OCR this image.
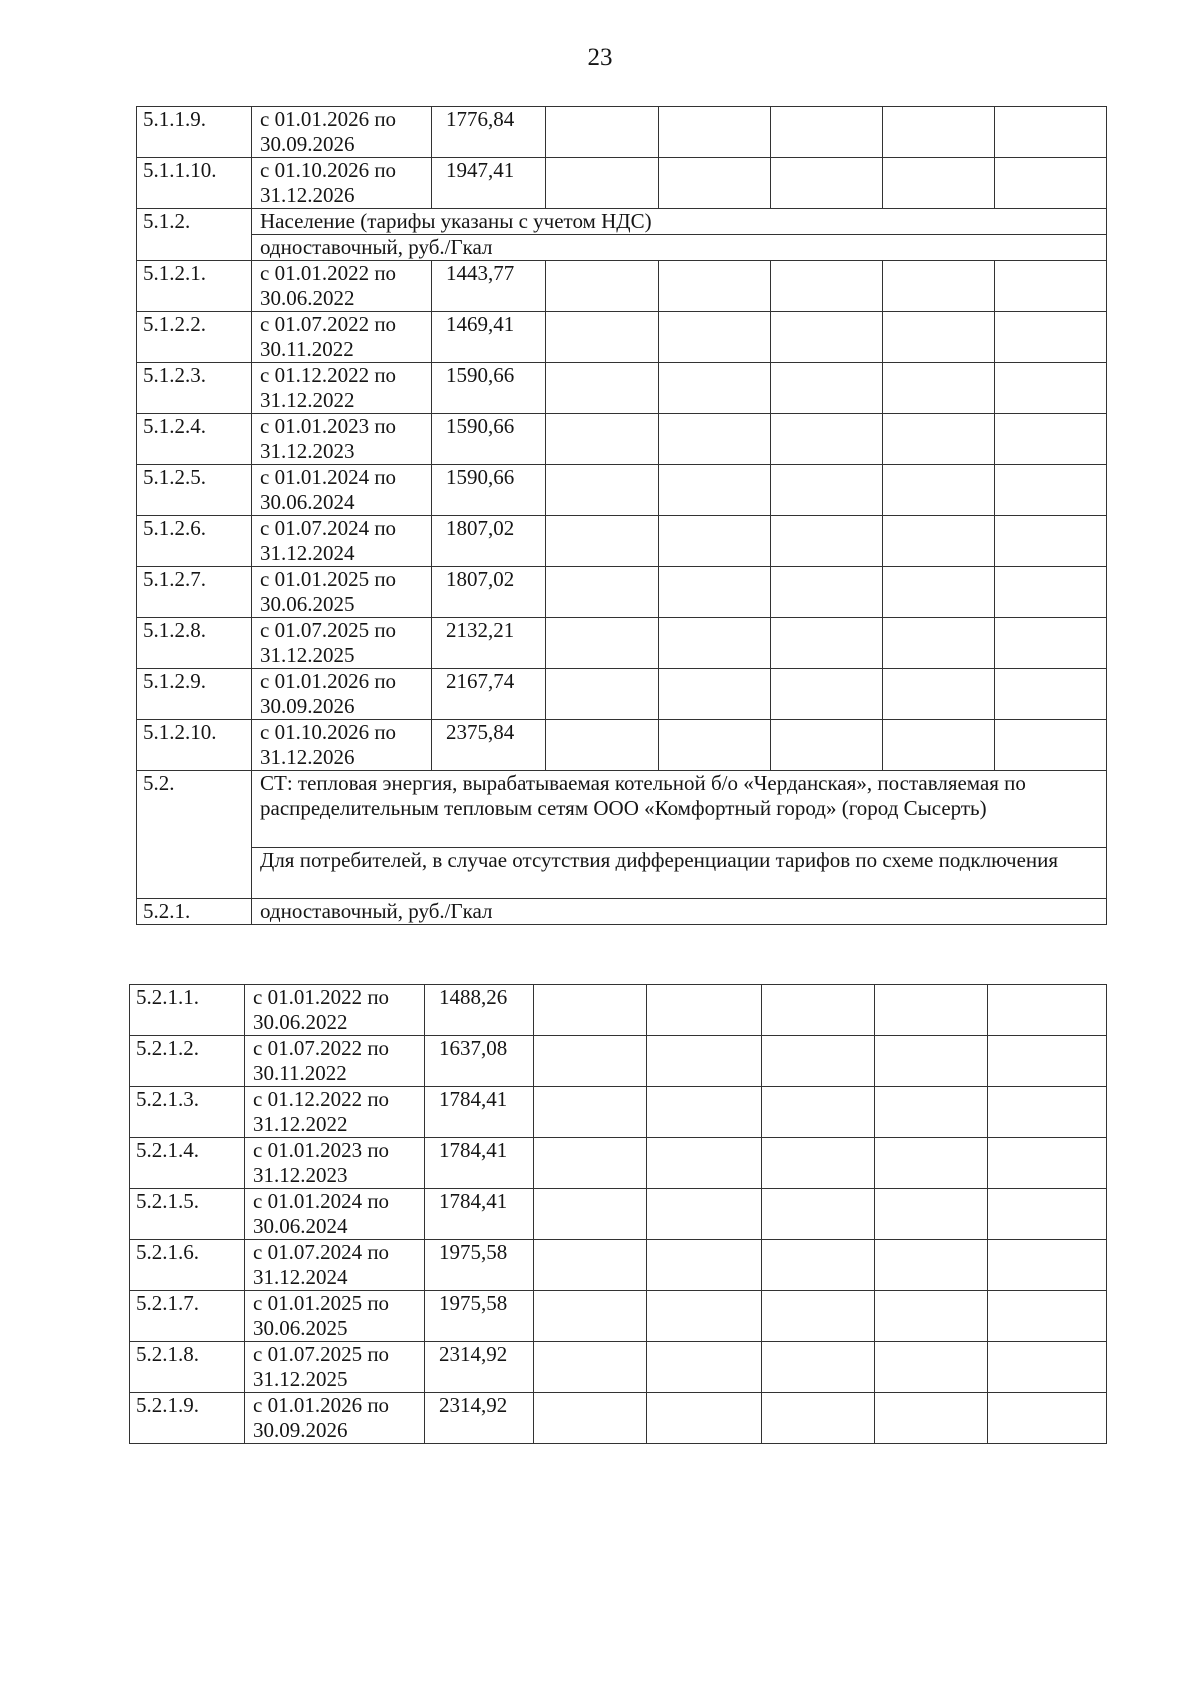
23
5.1.1.9.	с 01.01.2026 по 30.09.2026	1776,84					
5.1.1.10.	с 01.10.2026 по 31.12.2026	1947,41					
5.1.2.	Население (тарифы указаны с учетом НДС)						
	одноставочный, руб./Гкал						
5.1.2.1.	с 01.01.2022 по 30.06.2022	1443,77					
5.1.2.2.	с 01.07.2022 по 30.11.2022	1469,41					
5.1.2.3.	с 01.12.2022 по 31.12.2022	1590,66					
5.1.2.4.	с 01.01.2023 по 31.12.2023	1590,66					
5.1.2.5.	с 01.01.2024 по 30.06.2024	1590,66					
5.1.2.6.	с 01.07.2024 по 31.12.2024	1807,02					
5.1.2.7.	с 01.01.2025 по 30.06.2025	1807,02					
5.1.2.8.	с 01.07.2025 по 31.12.2025	2132,21					
5.1.2.9.	с 01.01.2026 по 30.09.2026	2167,74					
5.1.2.10.	с 01.10.2026 по 31.12.2026	2375,84					
5.2.	СТ: тепловая энергия, вырабатываемая котельной б/о «Черданская», поставляемая по распределительным тепловым сетям ООО «Комфортный город» (город Сысерть)						
	Для потребителей, в случае отсутствия дифференциации тарифов по схеме подключения						
5.2.1.	одноставочный, руб./Гкал						
5.2.1.1.	с 01.01.2022 по 30.06.2022	1488,26					
5.2.1.2.	с 01.07.2022 по 30.11.2022	1637,08					
5.2.1.3.	с 01.12.2022 по 31.12.2022	1784,41					
5.2.1.4.	с 01.01.2023 по 31.12.2023	1784,41					
5.2.1.5.	с 01.01.2024 по 30.06.2024	1784,41					
5.2.1.6.	с 01.07.2024 по 31.12.2024	1975,58					
5.2.1.7.	с 01.01.2025 по 30.06.2025	1975,58					
5.2.1.8.	с 01.07.2025 по 31.12.2025	2314,92					
5.2.1.9.	с 01.01.2026 по 30.09.2026	2314,92					
